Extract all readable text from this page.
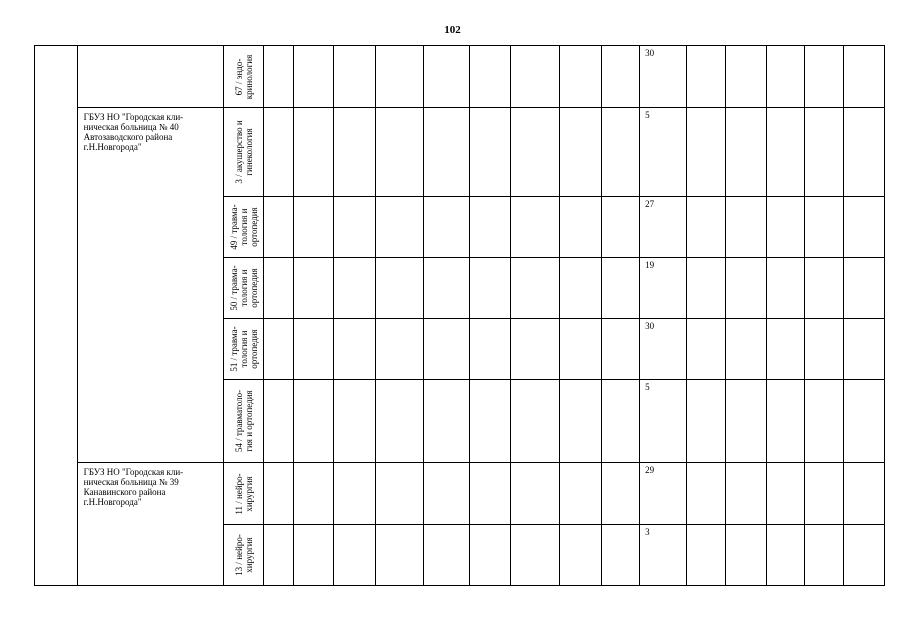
102

		67 / эндо-
кринология										30					

	ГБУЗ НО "Городская кли-
ническая больница № 40
Автозаводского района
г.Н.Новгорода"	3 / акушерство и
гинекология										5					

		49 / травма-
тология и
ортопедия										27					

		50 / травма-
тология и
ортопедия										19					

		51 / травма-
тология и
ортопедия										30					

		54 / травматоло-
гия и ортопедия										5					

	ГБУЗ НО "Городская кли-
ническая больница № 39
Канавинского района
г.Н.Новгорода"	11 / нейро-
хирургия										29					

		13 / нейро-
хирургия										3					
